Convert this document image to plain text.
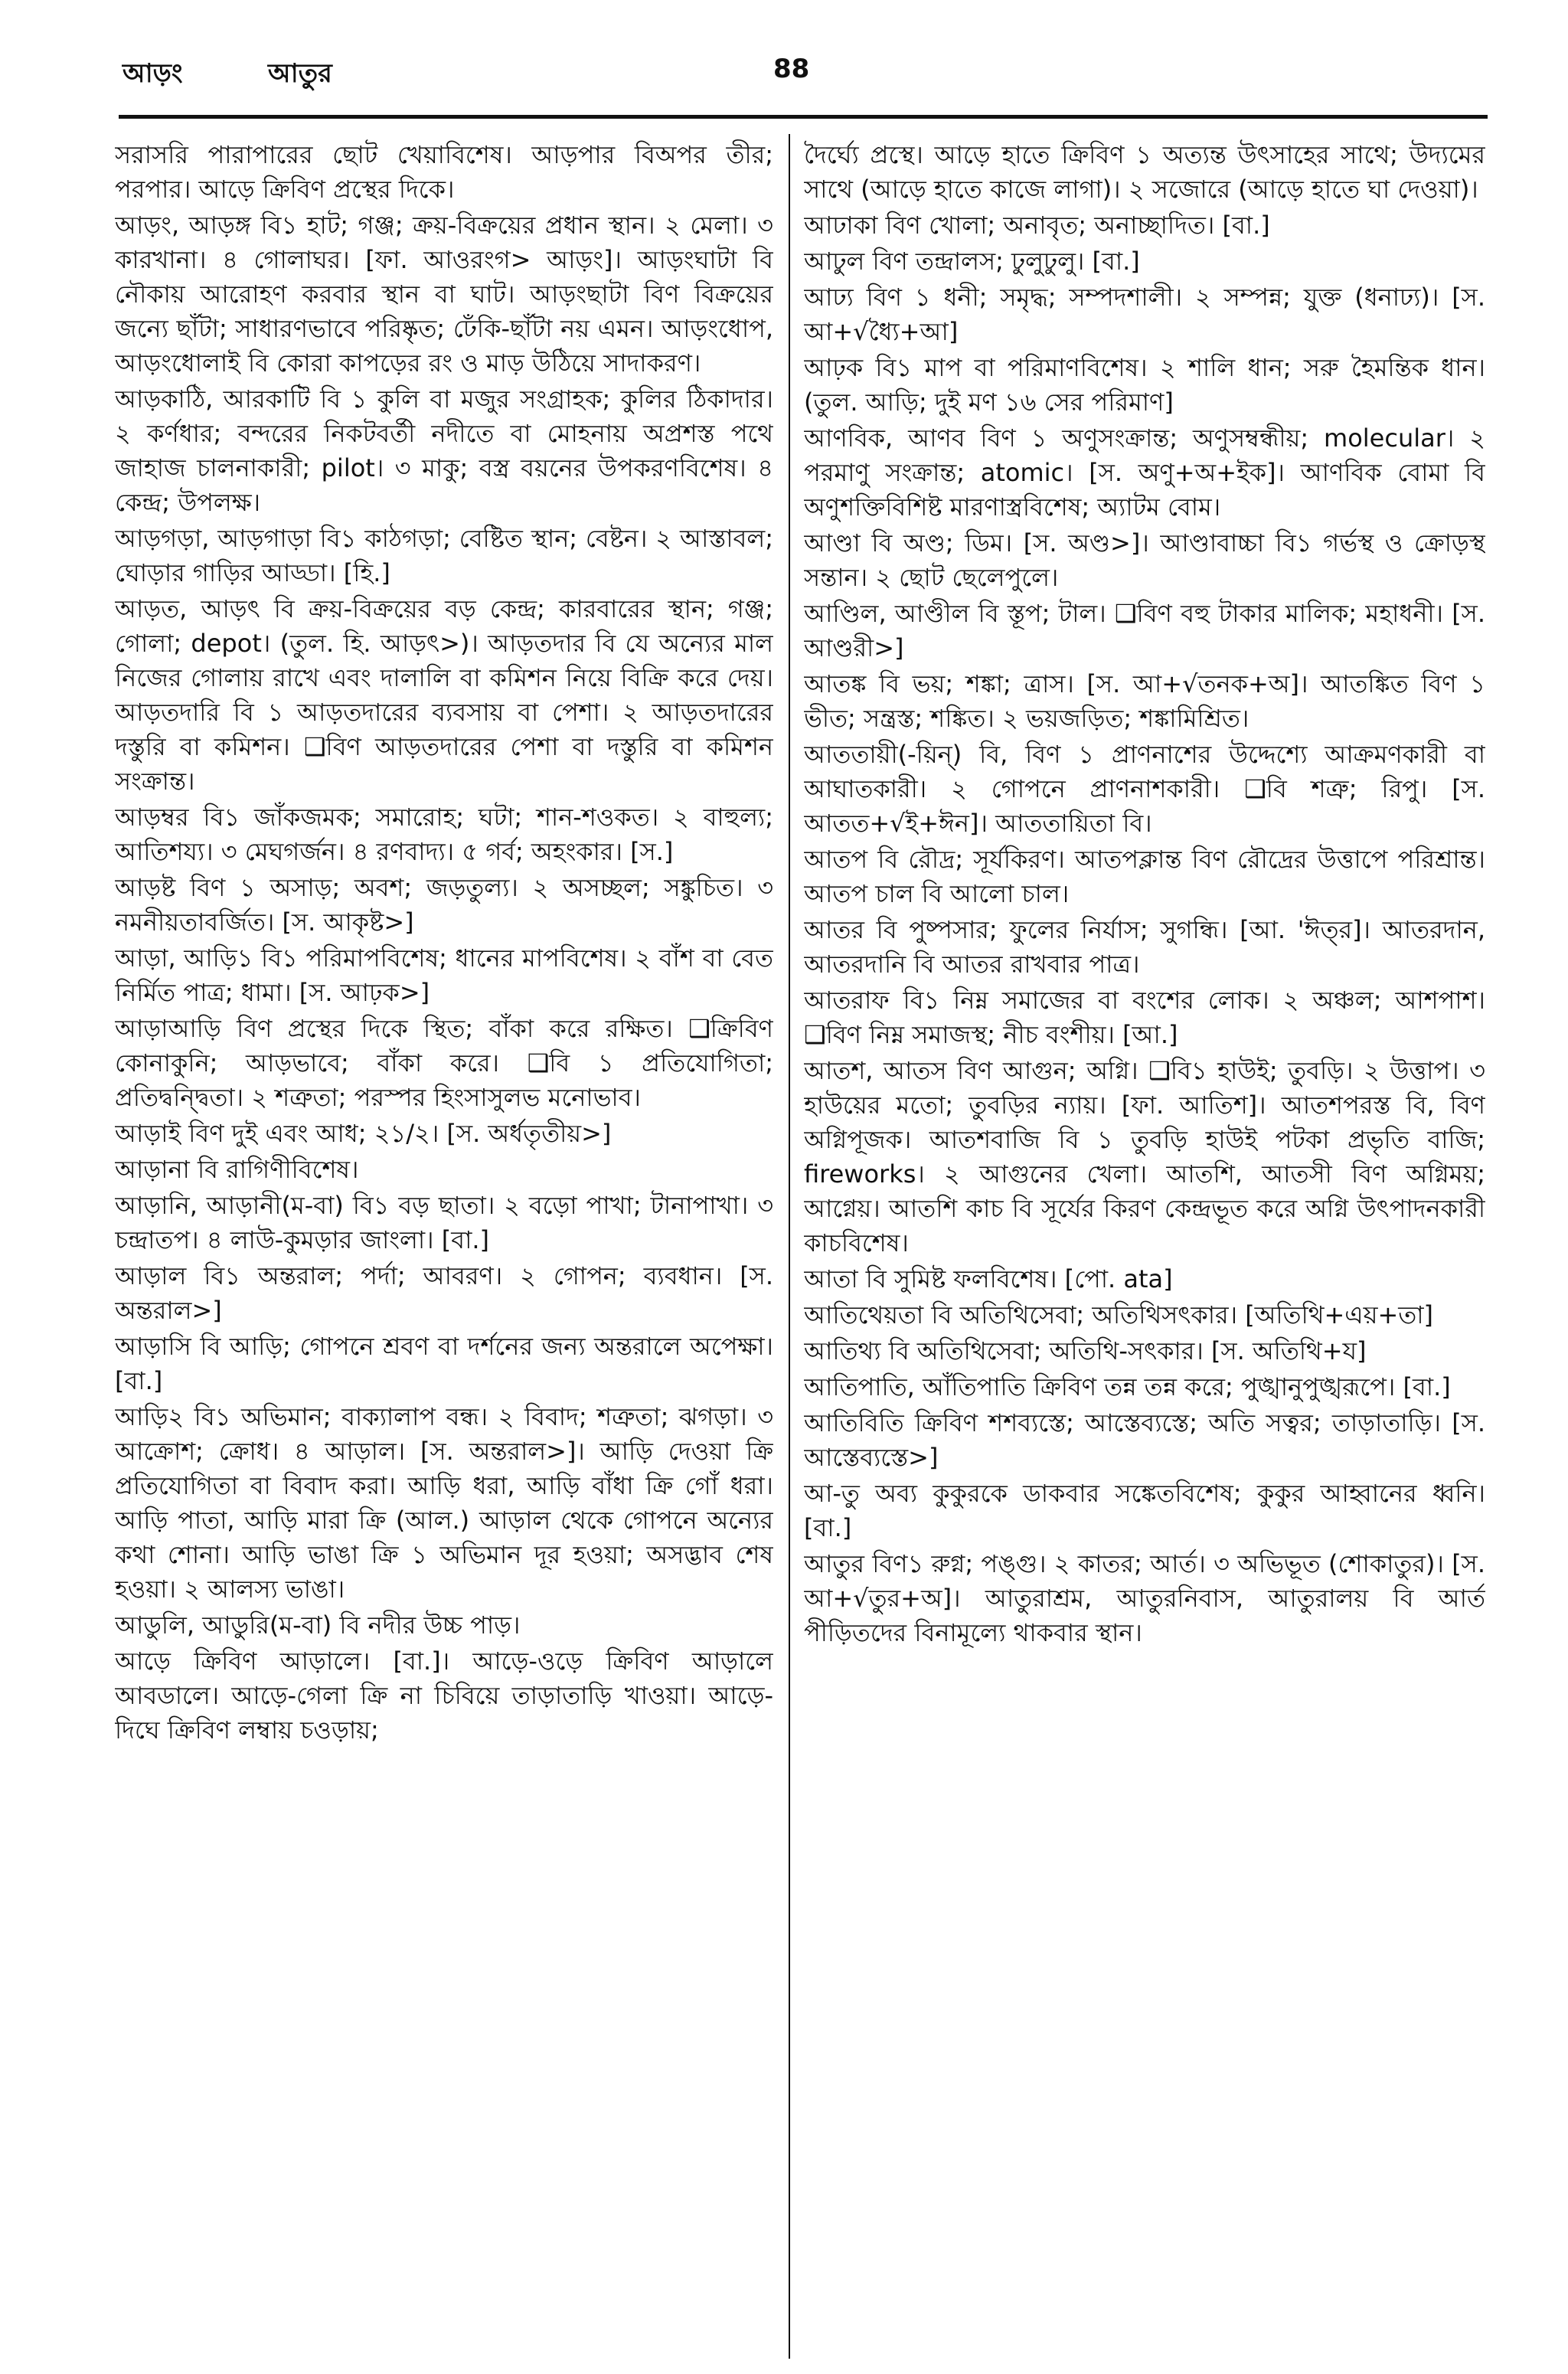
আড়ং	আতুর	88

সরাসরি পারাপারের ছোট খেয়াবিশেষ। আড়পার বিঅপর তীর; পরপার। আড়ে ক্রিবিণ প্রস্থের দিকে।

আড়ং, আড়ঙ্গ বি১ হাট; গঞ্জ; ক্রয়-বিক্রয়ের প্রধান স্থান। ২ মেলা। ৩ কারখানা। ৪ গোলাঘর। [ফা. আওরংগ> আড়ং]। আড়ংঘাটা বি নৌকায় আরোহণ করবার স্থান বা ঘাট। আড়ংছাটা বিণ বিক্রয়ের জন্যে ছাঁটা; সাধারণভাবে পরিষ্কৃত; ঢেঁকি-ছাঁটা নয় এমন। আড়ংধোপ, আড়ংধোলাই বি কোরা কাপড়ের রং ও মাড় উঠিয়ে সাদাকরণ।

আড়কাঠি, আরকাটি বি ১ কুলি বা মজুর সংগ্রাহক; কুলির ঠিকাদার। ২ কর্ণধার; বন্দরের নিকটবর্তী নদীতে বা মোহনায় অপ্রশস্ত পথে জাহাজ চালনাকারী; pilot। ৩ মাকু; বস্ত্র বয়নের উপকরণবিশেষ। ৪ কেন্দ্র; উপলক্ষ।

আড়গড়া, আড়গাড়া বি১ কাঠগড়া; বেষ্টিত স্থান; বেষ্টন। ২ আস্তাবল; ঘোড়ার গাড়ির আড্ডা। [হি.]

আড়ত, আড়ৎ বি ক্রয়-বিক্রয়ের বড় কেন্দ্র; কারবারের স্থান; গঞ্জ; গোলা; depot। (তুল. হি. আড়ৎ>)। আড়তদার বি যে অন্যের মাল নিজের গোলায় রাখে এবং দালালি বা কমিশন নিয়ে বিক্রি করে দেয়। আড়তদারি বি ১ আড়তদারের ব্যবসায় বা পেশা। ২ আড়তদারের দস্তুরি বা কমিশন। ❑বিণ আড়তদারের পেশা বা দস্তুরি বা কমিশন সংক্রান্ত।

আড়ম্বর বি১ জাঁকজমক; সমারোহ; ঘটা; শান-শওকত। ২ বাহুল্য; আতিশয্য। ৩ মেঘগর্জন। ৪ রণবাদ্য। ৫ গর্ব; অহংকার। [স.]

আড়ষ্ট বিণ ১ অসাড়; অবশ; জড়তুল্য। ২ অসচ্ছল; সঙ্কুচিত। ৩ নমনীয়তাবর্জিত। [স. আকৃষ্ট>]

আড়া, আড়ি১ বি১ পরিমাপবিশেষ; ধানের মাপবিশেষ। ২ বাঁশ বা বেত নির্মিত পাত্র; ধামা। [স. আঢ়ক>]

আড়াআড়ি বিণ প্রস্থের দিকে স্থিত; বাঁকা করে রক্ষিত। ❑ক্রিবিণ কোনাকুনি; আড়ভাবে; বাঁকা করে। ❑বি ১ প্রতিযোগিতা; প্রতিদ্বন্দ্বিতা। ২ শত্রুতা; পরস্পর হিংসাসুলভ মনোভাব।

আড়াই বিণ দুই এবং আধ; ২১/২। [স. অর্ধতৃতীয়>]

আড়ানা বি রাগিণীবিশেষ।

আড়ানি, আড়ানী(ম-বা) বি১ বড় ছাতা। ২ বড়ো পাখা; টানাপাখা। ৩ চন্দ্রাতপ। ৪ লাউ-কুমড়ার জাংলা। [বা.]

আড়াল বি১ অন্তরাল; পর্দা; আবরণ। ২ গোপন; ব্যবধান। [স. অন্তরাল>]

আড়াসি বি আড়ি; গোপনে শ্রবণ বা দর্শনের জন্য অন্তরালে অপেক্ষা। [বা.]

আড়ি২ বি১ অভিমান; বাক্যালাপ বন্ধ। ২ বিবাদ; শত্রুতা; ঝগড়া। ৩ আক্রোশ; ক্রোধ। ৪ আড়াল। [স. অন্তরাল>]। আড়ি দেওয়া ক্রি প্রতিযোগিতা বা বিবাদ করা। আড়ি ধরা, আড়ি বাঁধা ক্রি গোঁ ধরা। আড়ি পাতা, আড়ি মারা ক্রি (আল.) আড়াল থেকে গোপনে অন্যের কথা শোনা। আড়ি ভাঙা ক্রি ১ অভিমান দূর হওয়া; অসদ্ভাব শেষ হওয়া। ২ আলস্য ভাঙা।

আডুলি, আডুরি(ম-বা) বি নদীর উচ্চ পাড়।

আড়ে ক্রিবিণ আড়ালে। [বা.]। আড়ে-ওড়ে ক্রিবিণ আড়ালে আবডালে। আড়ে-গেলা ক্রি না চিবিয়ে তাড়াতাড়ি খাওয়া। আড়ে-দিঘে ক্রিবিণ লম্বায় চওড়ায়;

দৈর্ঘ্যে প্রস্থে। আড়ে হাতে ক্রিবিণ ১ অত্যন্ত উৎসাহের সাথে; উদ্যমের সাথে (আড়ে হাতে কাজে লাগা)। ২ সজোরে (আড়ে হাতে ঘা দেওয়া)।

আঢাকা বিণ খোলা; অনাবৃত; অনাচ্ছাদিত। [বা.]

আঢুল বিণ তন্দ্রালস; ঢুলুঢুলু। [বা.]

আঢ্য বিণ ১ ধনী; সমৃদ্ধ; সম্পদশালী। ২ সম্পন্ন; যুক্ত (ধনাঢ্য)। [স. আ+√ধ্যৈ+আ]

আঢ়ক বি১ মাপ বা পরিমাণবিশেষ। ২ শালি ধান; সরু হৈমন্তিক ধান। (তুল. আড়ি; দুই মণ ১৬ সের পরিমাণ]

আণবিক, আণব বিণ ১ অণুসংক্রান্ত; অণুসম্বন্ধীয়; molecular। ২ পরমাণু সংক্রান্ত; atomic। [স. অণু+অ+ইক]। আণবিক বোমা বি অণুশক্তিবিশিষ্ট মারণাস্ত্রবিশেষ; অ্যাটম বোম।

আণ্ডা বি অণ্ড; ডিম। [স. অণ্ড>]। আণ্ডাবাচ্চা বি১ গর্ভস্থ ও ক্রোড়স্থ সন্তান। ২ ছোট ছেলেপুলে।

আণ্ডিল, আণ্ডীল বি স্তূপ; টাল। ❑বিণ বহু টাকার মালিক; মহাধনী। [স. আণ্ডরী>]

আতঙ্ক বি ভয়; শঙ্কা; ত্রাস। [স. আ+√তনক+অ]। আতঙ্কিত বিণ ১ ভীত; সন্ত্রস্ত; শঙ্কিত। ২ ভয়জড়িত; শঙ্কামিশ্রিত।

আততায়ী(-য়িন্) বি, বিণ ১ প্রাণনাশের উদ্দেশ্যে আক্রমণকারী বা আঘাতকারী। ২ গোপনে প্রাণনাশকারী। ❑বি শত্রু; রিপু। [স. আতত+√ই+ঈন]। আততায়িতা বি।

আতপ বি রৌদ্র; সূর্যকিরণ। আতপক্লান্ত বিণ রৌদ্রের উত্তাপে পরিশ্রান্ত। আতপ চাল বি আলো চাল।

আতর বি পুষ্পসার; ফুলের নির্যাস; সুগন্ধি। [আ. 'ঈত্‌র]। আতরদান, আতরদানি বি আতর রাখবার পাত্র।

আতরাফ বি১ নিম্ন সমাজের বা বংশের লোক। ২ অঞ্চল; আশপাশ। ❑বিণ নিম্ন সমাজস্থ; নীচ বংশীয়। [আ.]

আতশ, আতস বিণ আগুন; অগ্নি। ❑বি১ হাউই; তুবড়ি। ২ উত্তাপ। ৩ হাউয়ের মতো; তুবড়ির ন্যায়। [ফা. আতিশ]। আতশপরস্ত বি, বিণ অগ্নিপূজক। আতশবাজি বি ১ তুবড়ি হাউই পটকা প্রভৃতি বাজি; fireworks। ২ আগুনের খেলা। আতশি, আতসী বিণ অগ্নিময়; আগ্নেয়। আতশি কাচ বি সূর্যের কিরণ কেন্দ্রভূত করে অগ্নি উৎপাদনকারী কাচবিশেষ।

আতা বি সুমিষ্ট ফলবিশেষ। [পো. ata]

আতিথেয়তা বি অতিথিসেবা; অতিথিসৎকার। [অতিথি+এয়+তা]

আতিথ্য বি অতিথিসেবা; অতিথি-সৎকার। [স. অতিথি+য]

আতিপাতি, আঁতিপাতি ক্রিবিণ তন্ন তন্ন করে; পুঙ্খানুপুঙ্খরূপে। [বা.]

আতিবিতি ক্রিবিণ শশব্যস্তে; আস্তেব্যস্তে; অতি সত্বর; তাড়াতাড়ি। [স. আস্তেব্যস্তে>]

আ-তু অব্য কুকুরকে ডাকবার সঙ্কেতবিশেষ; কুকুর আহ্বানের ধ্বনি। [বা.]

আতুর বিণ১ রুগ্ন; পঙ্গু। ২ কাতর; আর্ত। ৩ অভিভূত (শোকাতুর)। [স. আ+√তুর+অ]। আতুরাশ্রম, আতুরনিবাস, আতুরালয় বি আর্ত পীড়িতদের বিনামূল্যে থাকবার স্থান।
